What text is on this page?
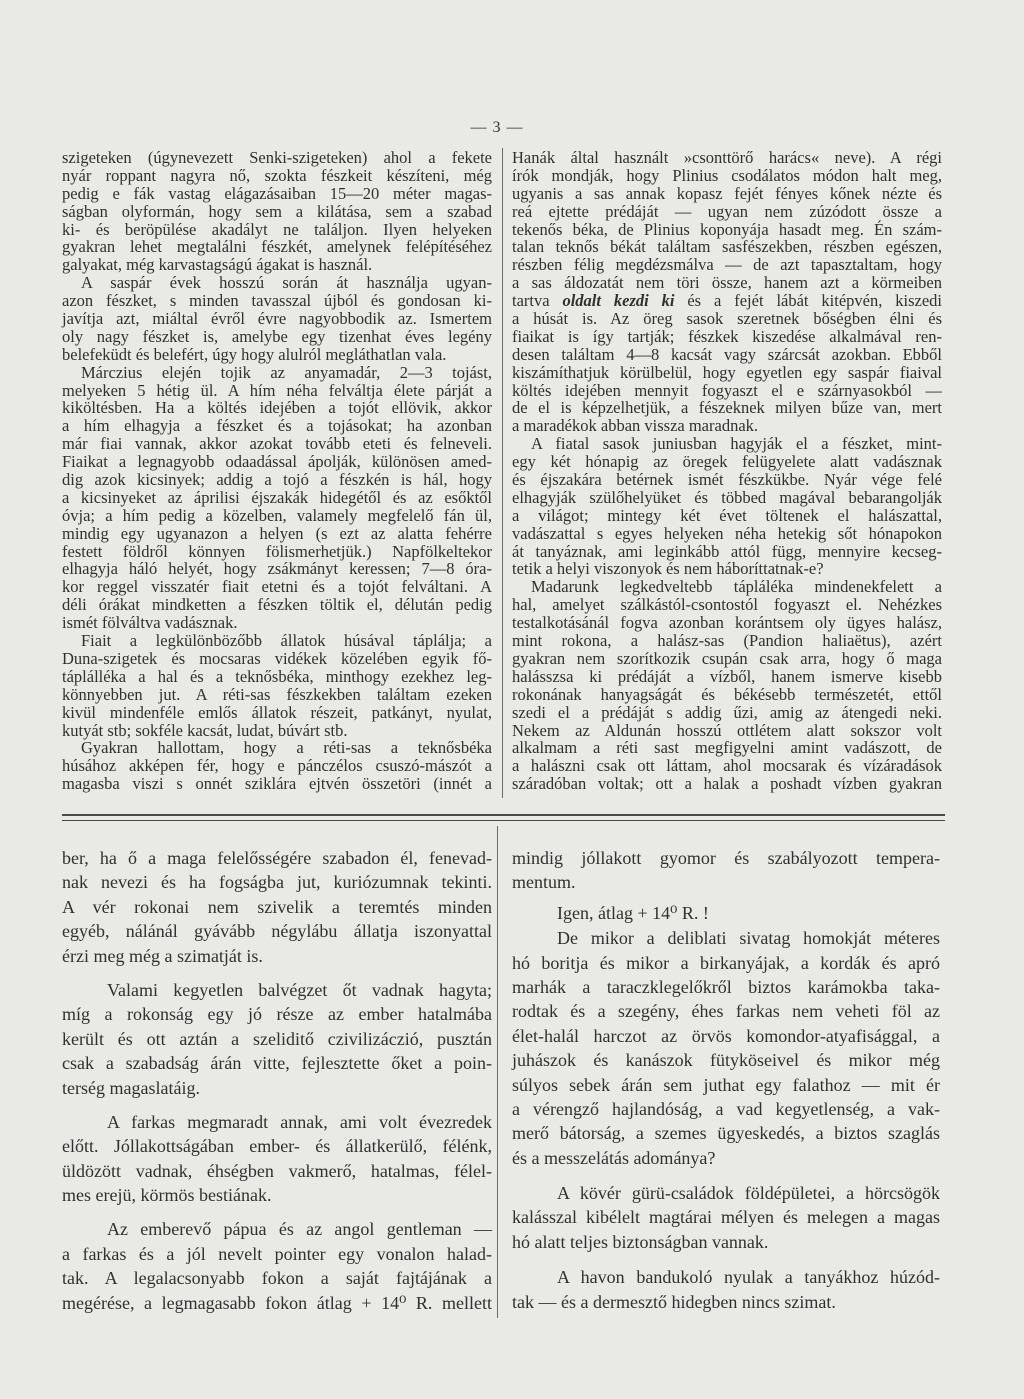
— 3 —
szigeteken (úgynevezett Senki-szigeteken) ahol a fekete
nyár roppant nagyra nő, szokta fészkeit készíteni, még
pedig e fák vastag elágazásaiban 15—20 méter magas-
ságban olyformán, hogy sem a kilátása, sem a szabad
ki- és beröpülése akadályt ne találjon. Ilyen helyeken
gyakran lehet megtalálni fészkét, amelynek felépítéséhez
galyakat, még karvastagságú ágakat is használ.
A saspár évek hosszú során át használja ugyan-
azon fészket, s minden tavasszal újból és gondosan ki-
javítja azt, miáltal évről évre nagyobbodik az. Ismertem
oly nagy fészket is, amelybe egy tizenhat éves legény
belefeküdt és belefért, úgy hogy alulról megláthatlan vala.
Márczius elején tojik az anyamadár, 2—3 tojást,
melyeken 5 hétig ül. A hím néha felváltja élete párját a
kiköltésben. Ha a költés idejében a tojót ellövik, akkor
a hím elhagyja a fészket és a tojásokat; ha azonban
már fiai vannak, akkor azokat tovább eteti és felneveli.
Fiaikat a legnagyobb odaadással ápolják, különösen amed-
dig azok kicsinyek; addig a tojó a fészkén is hál, hogy
a kicsinyeket az áprilisi éjszakák hidegétől és az esőktől
óvja; a hím pedig a közelben, valamely megfelelő fán ül,
mindig egy ugyanazon a helyen (s ezt az alatta fehérre
festett földről könnyen fölismerhetjük.) Napfölkeltekor
elhagyja háló helyét, hogy zsákmányt keressen; 7—8 óra-
kor reggel visszatér fiait etetni és a tojót felváltani. A
déli órákat mindketten a fészken töltik el, délután pedig
ismét fölváltva vadásznak.
Fiait a legkülönbözőbb állatok húsával táplálja; a
Duna-szigetek és mocsaras vidékek közelében egyik fő-
táplálléka a hal és a teknősbéka, minthogy ezekhez leg-
könnyebben jut. A réti-sas fészkekben találtam ezeken
kivül mindenféle emlős állatok részeit, patkányt, nyulat,
kutyát stb; sokféle kacsát, ludat, búvárt stb.
Gyakran hallottam, hogy a réti-sas a teknősbéka
húsához akképen fér, hogy e pánczélos csuszó-mászót a
magasba viszi s onnét sziklára ejtvén összetöri (innét a
Hanák által használt »csonttörő harács« neve). A régi
írók mondják, hogy Plinius csodálatos módon halt meg,
ugyanis a sas annak kopasz fejét fényes kőnek nézte és
reá ejtette prédáját — ugyan nem zúzódott össze a
tekenős béka, de Plinius koponyája hasadt meg. Én szám-
talan teknős békát találtam sasfészekben, részben egészen,
részben félig megdézsmálva — de azt tapasztaltam, hogy
a sas áldozatát nem töri össze, hanem azt a körmeiben
tartva oldalt kezdi ki és a fejét lábát kitépvén, kiszedi
a húsát is. Az öreg sasok szeretnek bőségben élni és
fiaikat is így tartják; fészkek kiszedése alkalmával ren-
desen találtam 4—8 kacsát vagy szárcsát azokban. Ebből
kiszámíthatjuk körülbelül, hogy egyetlen egy saspár fiaival
költés idejében mennyit fogyaszt el e szárnyasokból —
de el is képzelhetjük, a fészeknek milyen bűze van, mert
a maradékok abban vissza maradnak.
A fiatal sasok juniusban hagyják el a fészket, mint-
egy két hónapig az öregek felügyelete alatt vadásznak
és éjszakára betérnek ismét fészkükbe. Nyár vége felé
elhagyják szülőhelyüket és többed magával bebarangolják
a világot; mintegy két évet töltenek el halászattal,
vadászattal s egyes helyeken néha hetekig sőt hónapokon
át tanyáznak, ami leginkább attól függ, mennyire kecseg-
tetik a helyi viszonyok és nem háboríttatnak-e?
Madarunk legkedveltebb tápláléka mindenekfelett a
hal, amelyet szálkástól-csontostól fogyaszt el. Nehézkes
testalkotásánál fogva azonban korántsem oly ügyes halász,
mint rokona, a halász-sas (Pandion haliaëtus), azért
gyakran nem szorítkozik csupán csak arra, hogy ő maga
halásszsa ki prédáját a vízből, hanem ismerve kisebb
rokonának hanyagságát és békésebb természetét, ettől
szedi el a prédáját s addig űzi, amig az átengedi neki.
Nekem az Aldunán hosszú ottlétem alatt sokszor volt
alkalmam a réti sast megfigyelni amint vadászott, de
a halászni csak ott láttam, ahol mocsarak és vízáradások
száradóban voltak; ott a halak a poshadt vízben gyakran
ber, ha ő a maga felelősségére szabadon él, fenevad-
nak nevezi és ha fogságba jut, kuriózumnak tekinti.
A vér rokonai nem szivelik a teremtés minden
egyéb, nálánál gyávább négylábu állatja iszonyattal
érzi meg még a szimatját is.
Valami kegyetlen balvégzet őt vadnak hagyta;
míg a rokonság egy jó része az ember hatalmába
került és ott aztán a szeliditő czivilizáczió, pusztán
csak a szabadság árán vitte, fejlesztette őket a poin-
terség magaslatáig.
A farkas megmaradt annak, ami volt évezredek
előtt. Jóllakottságában ember- és állatkerülő, félénk,
üldözött vadnak, éhségben vakmerő, hatalmas, félel-
mes erejü, körmös bestiának.
Az emberevő pápua és az angol gentleman —
a farkas és a jól nevelt pointer egy vonalon halad-
tak. A legalacsonyabb fokon a saját fajtájának a
megérése, a legmagasabb fokon átlag + 14⁰ R. mellett
mindig jóllakott gyomor és szabályozott tempera-
mentum.
Igen, átlag + 14⁰ R. !
De mikor a deliblati sivatag homokját méteres
hó boritja és mikor a birkanyájak, a kordák és apró
marhák a taraczklegelőkről biztos karámokba taka-
rodtak és a szegény, éhes farkas nem veheti föl az
élet-halál harczot az örvös komondor-atyafisággal, a
juhászok és kanászok fütyköseivel és mikor még
súlyos sebek árán sem juthat egy falathoz — mit ér
a vérengző hajlandóság, a vad kegyetlenség, a vak-
merő bátorság, a szemes ügyeskedés, a biztos szaglás
és a messzelátás adománya?
A kövér gürü-családok földépületei, a hörcsögök
kalásszal kibélelt magtárai mélyen és melegen a magas
hó alatt teljes biztonságban vannak.
A havon bandukoló nyulak a tanyákhoz húzód-
tak — és a dermesztő hidegben nincs szimat.
